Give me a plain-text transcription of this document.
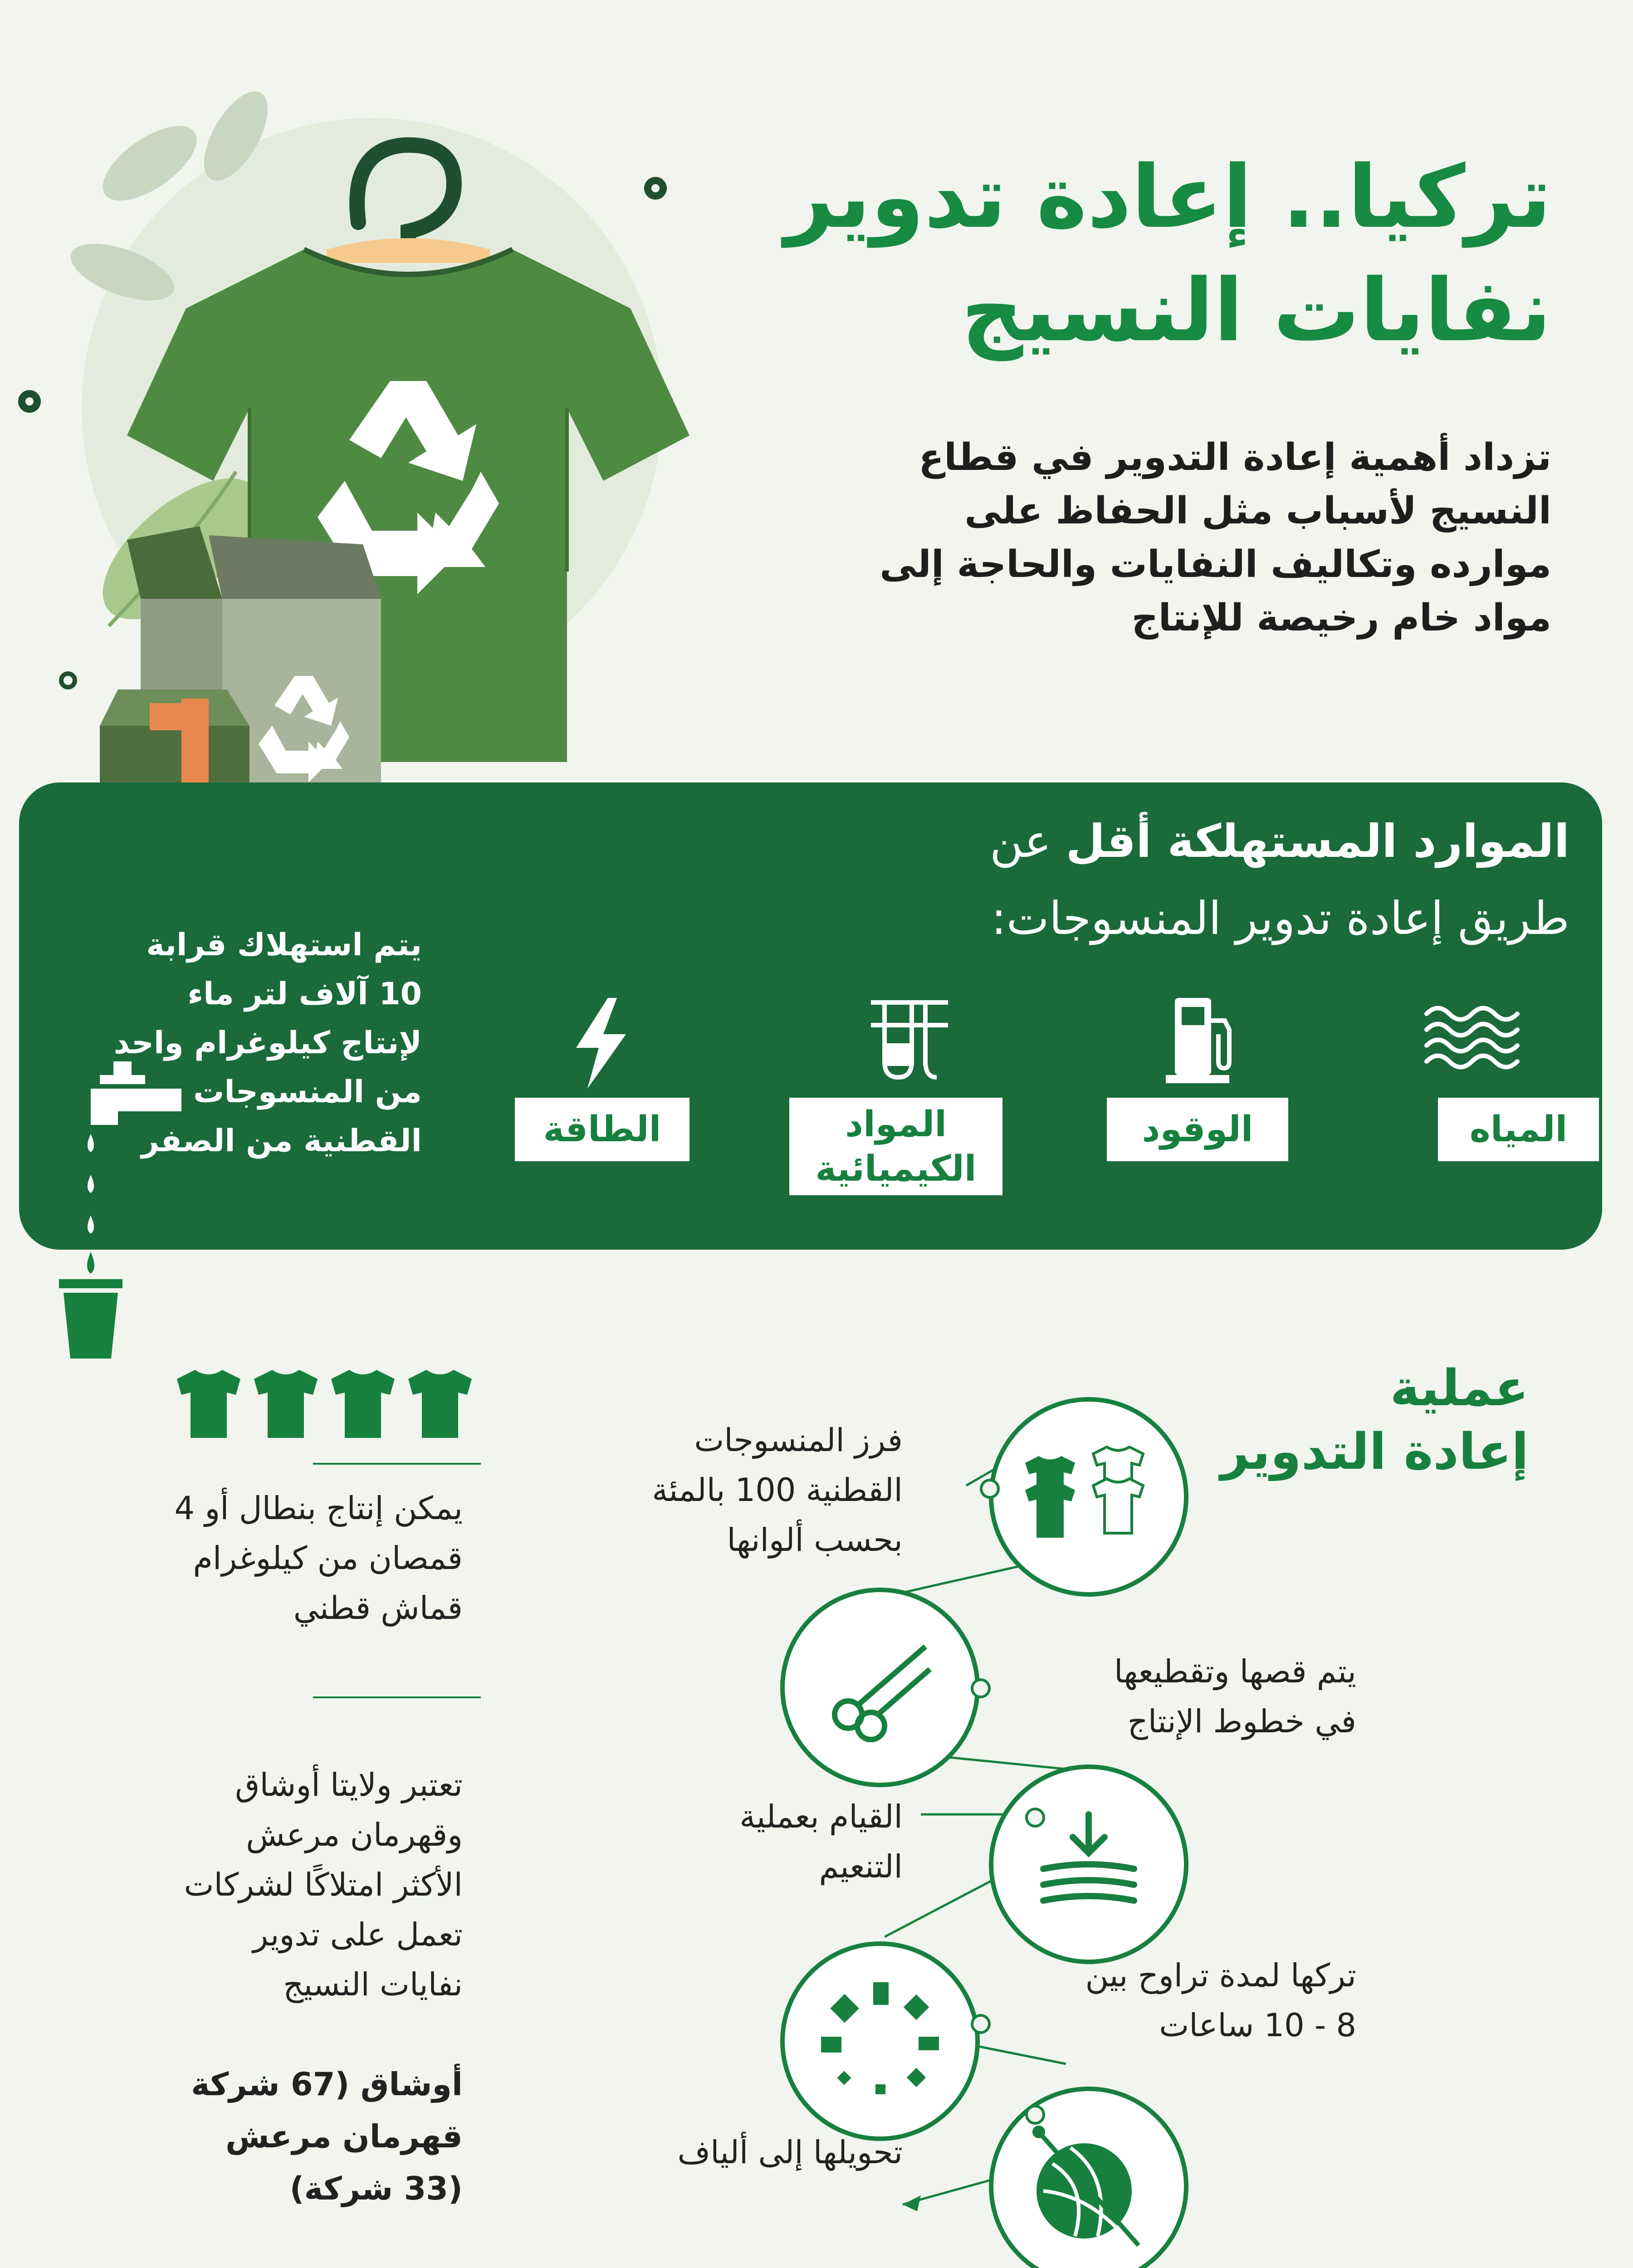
تركيا.. إعادة تدوير
نفايات النسيج
تزداد أهمية إعادة التدوير في قطاع النسيج لأسباب مثل الحفاظ على موارده وتكاليف النفايات والحاجة إلى مواد خام رخيصة للإنتاج
الموارد المستهلكة أقل عن
طريق إعادة تدوير المنسوجات:
المياه
الوقود
المواد الكيميائية
الطاقة
يتم استهلاك قرابة 10 آلاف لتر ماء لإنتاج كيلوغرام واحد من المنسوجات القطنية من الصفر
يمكن إنتاج بنطال أو 4 قمصان من كيلوغرام قماش قطني
تعتبر ولايتا أوشاق وقهرمان مرعش الأكثر امتلاكًا لشركات تعمل على تدوير نفايات النسيج
أوشاق (67 شركة
قهرمان مرعش
(33 شركة)
عملية
إعادة التدوير
فرز المنسوجات القطنية 100 بالمئة بحسب ألوانها
يتم قصها وتقطيعها في خطوط الإنتاج
القيام بعملية التنعيم
تركها لمدة تراوح بين 8 - 10 ساعات
تحويلها إلى ألياف
